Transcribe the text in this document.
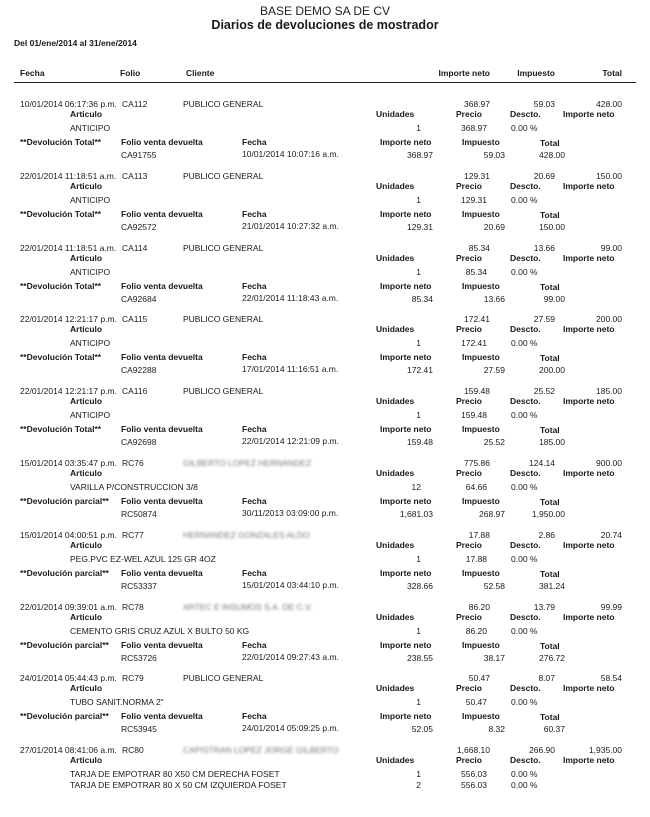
BASE DEMO SA DE CV
Diarios de devoluciones de mostrador
Del 01/ene/2014 al 31/ene/2014
Fecha	Folio	Cliente	Importe neto	Impuesto	Total
10/01/2014 06:17:36 p.m. CA112	PUBLICO GENERAL	368.97	59.03	428.00
Articulo	Unidades	Precio	Descto.	Importe neto
ANTICIPO	1	368.97	0.00 %
**Devolución Total** Folio venta devuelta	Fecha	Importe neto	Impuesto	Total
CA91755	10/01/2014 10:07:16 a.m.	368.97	59.03	428.00
22/01/2014 11:18:51 a.m. CA113	PUBLICO GENERAL	129.31	20.69	150.00
Articulo	Unidades	Precio	Descto.	Importe neto
ANTICIPO	1	129.31	0.00 %
**Devolución Total** Folio venta devuelta	Fecha	Importe neto	Impuesto	Total
CA92572	21/01/2014 10:27:32 a.m.	129.31	20.69	150.00
22/01/2014 11:18:51 a.m. CA114	PUBLICO GENERAL	85.34	13.66	99.00
Articulo	Unidades	Precio	Descto.	Importe neto
ANTICIPO	1	85.34	0.00 %
**Devolución Total** Folio venta devuelta	Fecha	Importe neto	Impuesto	Total
CA92684	22/01/2014 11:18:43 a.m.	85.34	13.66	99.00
22/01/2014 12:21:17 p.m. CA115	PUBLICO GENERAL	172.41	27.59	200.00
Articulo	Unidades	Precio	Descto.	Importe neto
ANTICIPO	1	172.41	0.00 %
**Devolución Total** Folio venta devuelta	Fecha	Importe neto	Impuesto	Total
CA92288	17/01/2014 11:16:51 a.m.	172.41	27.59	200.00
22/01/2014 12:21:17 p.m. CA116	PUBLICO GENERAL	159.48	25.52	185.00
Articulo	Unidades	Precio	Descto.	Importe neto
ANTICIPO	1	159.48	0.00 %
**Devolución Total** Folio venta devuelta	Fecha	Importe neto	Impuesto	Total
CA92698	22/01/2014 12:21:09 p.m.	159.48	25.52	185.00
15/01/2014 03:35:47 p.m. RC76	GILBERTO LOPEZ HERNANDEZ	775.86	124.14	900.00
Articulo	Unidades	Precio	Descto.	Importe neto
VARILLA P/CONSTRUCCION 3/8	12	64.66	0.00 %
**Devolución parcial** Folio venta devuelta	Fecha	Importe neto	Impuesto	Total
RC50874	30/11/2013 03:09:00 p.m.	1,681.03	268.97	1,950.00
15/01/2014 04:00:51 p.m. RC77	HERNANDEZ GONZALES ALDO	17.88	2.86	20.74
Articulo	Unidades	Precio	Descto.	Importe neto
PEG.PVC EZ-WEL AZUL 125 GR 4OZ	1	17.88	0.00 %
**Devolución parcial** Folio venta devuelta	Fecha	Importe neto	Impuesto	Total
RC53337	15/01/2014 03:44:10 p.m.	328.66	52.58	381.24
22/01/2014 09:39:01 a.m. RC78	ARTEC E INSUMOS S.A. DE C.V.	86.20	13.79	99.99
Articulo	Unidades	Precio	Descto.	Importe neto
CEMENTO GRIS CRUZ AZUL X BULTO 50 KG	1	86.20	0.00 %
**Devolución parcial** Folio venta devuelta	Fecha	Importe neto	Impuesto	Total
RC53726	22/01/2014 09:27:43 a.m.	238.55	38.17	276.72
24/01/2014 05:44:43 p.m. RC79	PUBLICO GENERAL	50.47	8.07	58.54
Articulo	Unidades	Precio	Descto.	Importe neto
TUBO SANIT.NORMA 2"	1	50.47	0.00 %
**Devolución parcial** Folio venta devuelta	Fecha	Importe neto	Impuesto	Total
RC53945	24/01/2014 05:09:25 p.m.	52.05	8.32	60.37
27/01/2014 08:41:06 a.m. RC80	CAPISTRAN LOPEZ JORGE GILBERTO	1,668.10	266.90	1,935.00
Articulo	Unidades	Precio	Descto.	Importe neto
TARJA DE EMPOTRAR 80 X50 CM DERECHA FOSET	1	556.03	0.00 %
TARJA DE EMPOTRAR 80 X 50 CM IZQUIERDA FOSET	2	556.03	0.00 %
